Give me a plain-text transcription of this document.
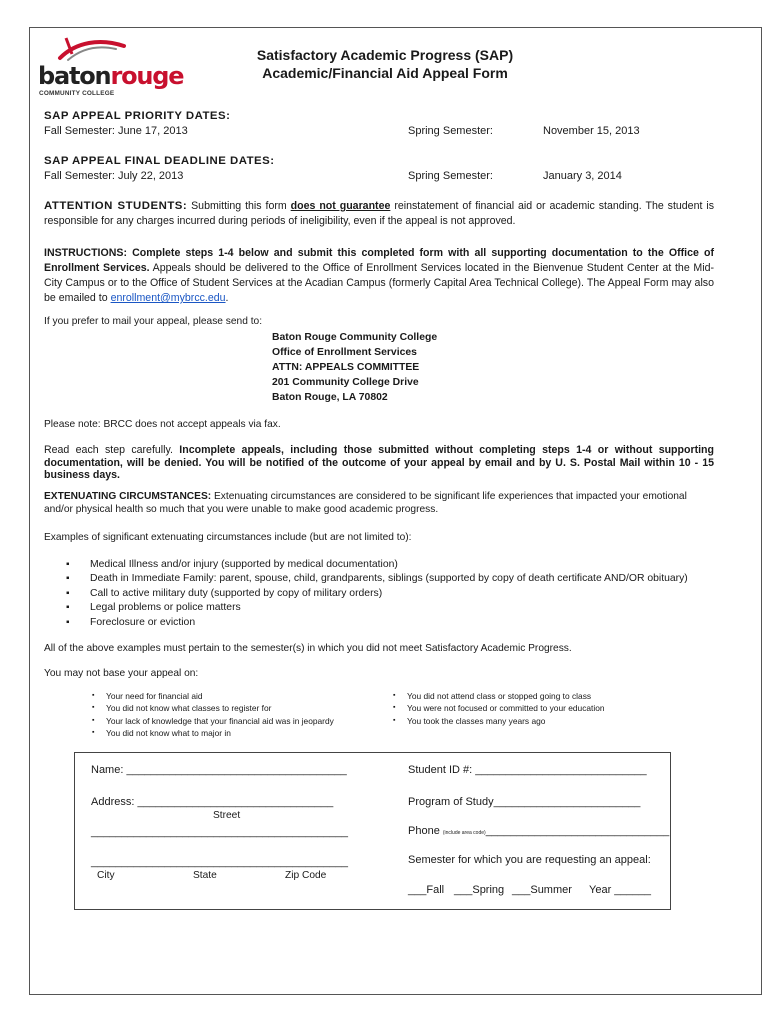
batonrouge
COMMUNITY COLLEGE
Satisfactory Academic Progress (SAP)
Academic/Financial Aid Appeal Form
SAP APPEAL PRIORITY DATES:
Fall Semester: June 17, 2013	Spring Semester:	November 15, 2013
SAP APPEAL FINAL DEADLINE DATES:
Fall Semester: July 22, 2013	Spring Semester:	January 3, 2014
ATTENTION STUDENTS: Submitting this form does not guarantee reinstatement of financial aid or academic standing. The student is responsible for any charges incurred during periods of ineligibility, even if the appeal is not approved.
INSTRUCTIONS: Complete steps 1-4 below and submit this completed form with all supporting documentation to the Office of Enrollment Services. Appeals should be delivered to the Office of Enrollment Services located in the Bienvenue Student Center at the Mid-City Campus or to the Office of Student Services at the Acadian Campus (formerly Capital Area Technical College). The Appeal Form may also be emailed to enrollment@mybrcc.edu.
If you prefer to mail your appeal, please send to:
Baton Rouge Community College
Office of Enrollment Services
ATTN: APPEALS COMMITTEE
201 Community College Drive
Baton Rouge, LA 70802
Please note: BRCC does not accept appeals via fax.
Read each step carefully. Incomplete appeals, including those submitted without completing steps 1-4 or without supporting documentation, will be denied. You will be notified of the outcome of your appeal by email and by U. S. Postal Mail within 10 - 15 business days.
EXTENUATING CIRCUMSTANCES: Extenuating circumstances are considered to be significant life experiences that impacted your emotional and/or physical health so much that you were unable to make good academic progress.
Examples of significant extenuating circumstances include (but are not limited to):
▪ Medical Illness and/or injury (supported by medical documentation)
▪ Death in Immediate Family: parent, spouse, child, grandparents, siblings (supported by copy of death certificate AND/OR obituary)
▪ Call to active military duty (supported by copy of military orders)
▪ Legal problems or police matters
▪ Foreclosure or eviction
All of the above examples must pertain to the semester(s) in which you did not meet Satisfactory Academic Progress.
You may not base your appeal on:
▪ Your need for financial aid
▪ You did not know what classes to register for
▪ Your lack of knowledge that your financial aid was in jeopardy
▪ You did not know what to major in
▪ You did not attend class or stopped going to class
▪ You were not focused or committed to your education
▪ You took the classes many years ago
Name: ____________________________________
Address: ________________________________
Street
__________________________________________
__________________________________________
City	State	Zip Code
Student ID #: ____________________________
Program of Study________________________
Phone (include area code)______________________________
Semester for which you are requesting an appeal:
___Fall ___Spring ___Summer Year ______
